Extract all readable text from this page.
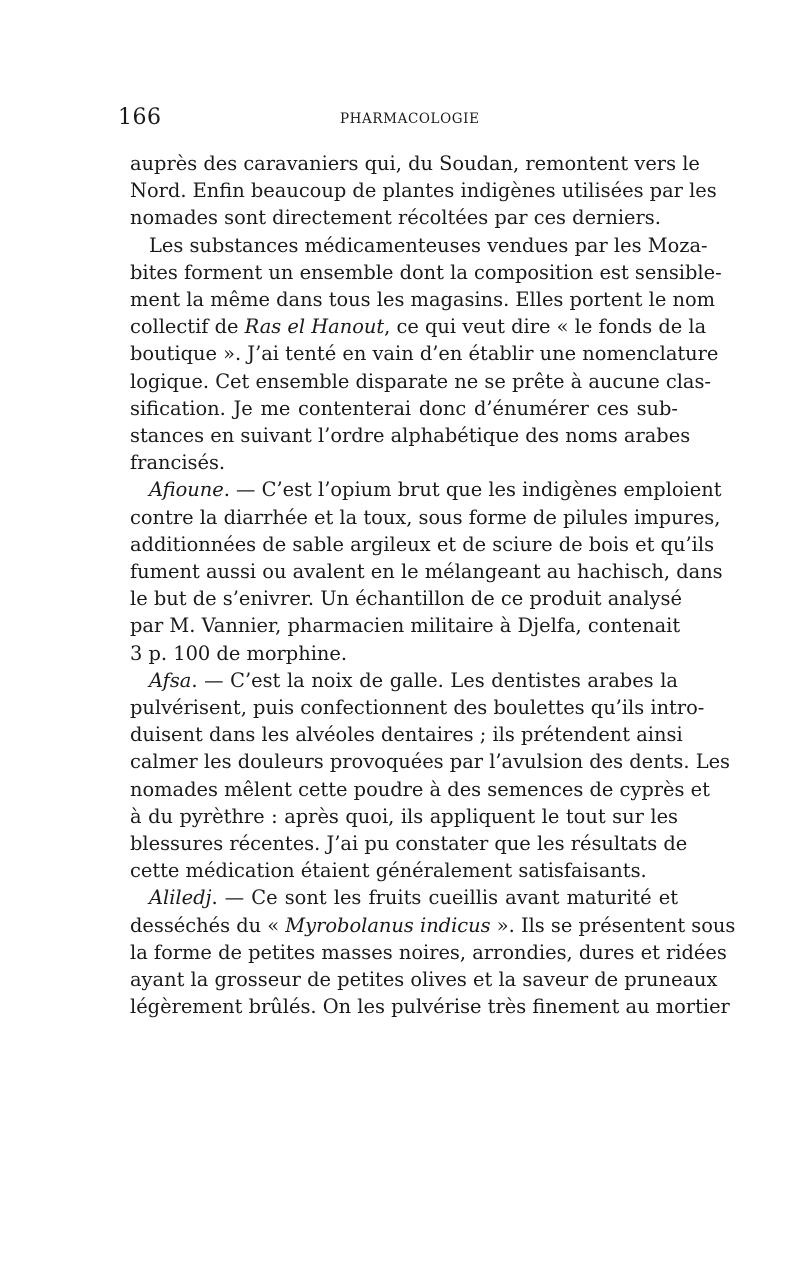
166	PHARMACOLOGIE
auprès des caravaniers qui, du Soudan, remontent vers le
Nord. Enfin beaucoup de plantes indigènes utilisées par les
nomades sont directement récoltées par ces derniers.
Les substances médicamenteuses vendues par les Moza-
bites forment un ensemble dont la composition est sensible-
ment la même dans tous les magasins. Elles portent le nom
collectif de Ras el Hanout, ce qui veut dire « le fonds de la
boutique ». J’ai tenté en vain d’en établir une nomenclature
logique. Cet ensemble disparate ne se prête à aucune clas-
sification. Je me contenterai donc d’énumérer ces sub-
stances en suivant l’ordre alphabétique des noms arabes
francisés.
Afioune. — C’est l’opium brut que les indigènes emploient
contre la diarrhée et la toux, sous forme de pilules impures,
additionnées de sable argileux et de sciure de bois et qu’ils
fument aussi ou avalent en le mélangeant au hachisch, dans
le but de s’enivrer. Un échantillon de ce produit analysé
par M. Vannier, pharmacien militaire à Djelfa, contenait
3 p. 100 de morphine.
Afsa. — C’est la noix de galle. Les dentistes arabes la
pulvérisent, puis confectionnent des boulettes qu’ils intro-
duisent dans les alvéoles dentaires ; ils prétendent ainsi
calmer les douleurs provoquées par l’avulsion des dents. Les
nomades mêlent cette poudre à des semences de cyprès et
à du pyrèthre : après quoi, ils appliquent le tout sur les
blessures récentes. J’ai pu constater que les résultats de
cette médication étaient généralement satisfaisants.
Aliledj. — Ce sont les fruits cueillis avant maturité et
desséchés du « Myrobolanus indicus ». Ils se présentent sous
la forme de petites masses noires, arrondies, dures et ridées
ayant la grosseur de petites olives et la saveur de pruneaux
légèrement brûlés. On les pulvérise très finement au mortier
